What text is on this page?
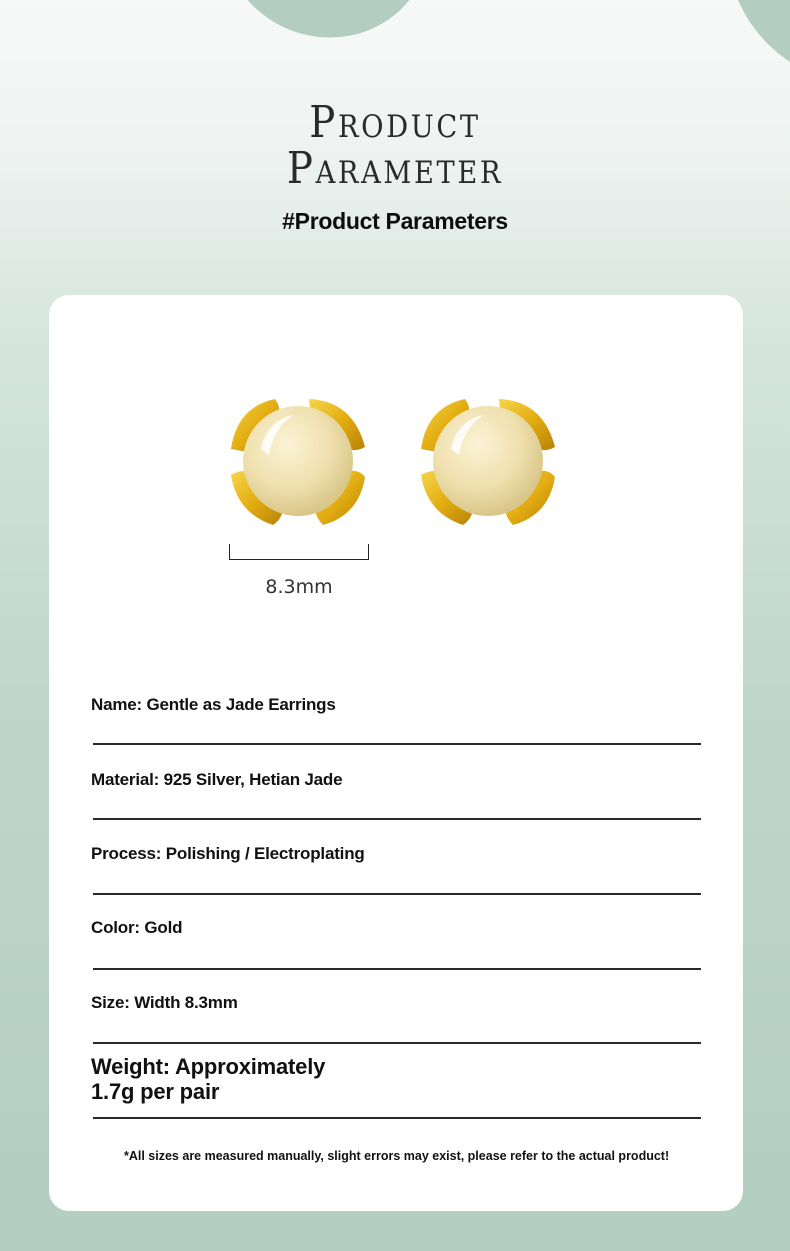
Product
Parameter
#Product Parameters
8.3mm
Name: Gentle as Jade Earrings
Material: 925 Silver, Hetian Jade
Process: Polishing / Electroplating
Color: Gold
Size: Width 8.3mm
Weight: Approximately
1.7g per pair
*All sizes are measured manually, slight errors may exist, please refer to the actual product!
